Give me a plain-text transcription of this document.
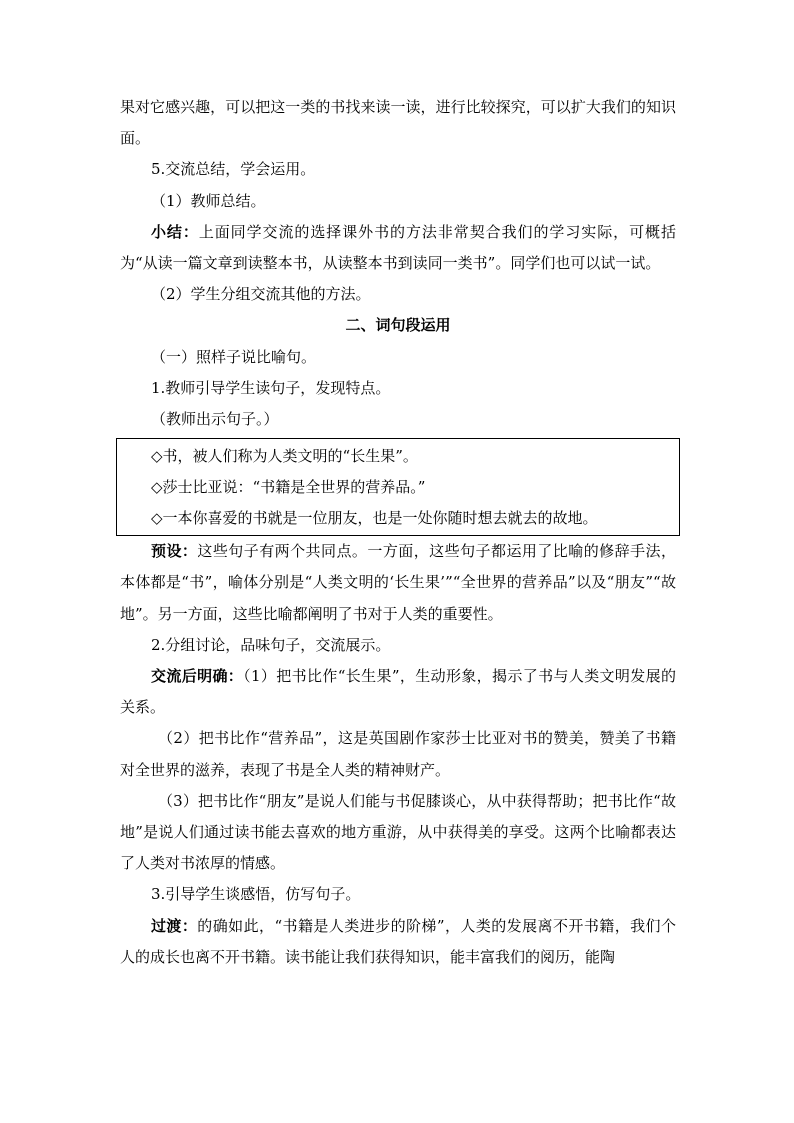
果对它感兴趣，可以把这一类的书找来读一读，进行比较探究，可以扩大我们的知识面。

5.交流总结，学会运用。

（1）教师总结。

小结：上面同学交流的选择课外书的方法非常契合我们的学习实际，可概括为“从读一篇文章到读整本书，从读整本书到读同一类书”。同学们也可以试一试。

（2）学生分组交流其他的方法。

二、词句段运用

（一）照样子说比喻句。

1.教师引导学生读句子，发现特点。

（教师出示句子。）

◇书，被人们称为人类文明的“长生果”。

◇莎士比亚说：“书籍是全世界的营养品。”

◇一本你喜爱的书就是一位朋友，也是一处你随时想去就去的故地。

预设：这些句子有两个共同点。一方面，这些句子都运用了比喻的修辞手法，本体都是“书”，喻体分别是“人类文明的‘长生果’”“全世界的营养品”以及“朋友”“故地”。另一方面，这些比喻都阐明了书对于人类的重要性。

2.分组讨论，品味句子，交流展示。

交流后明确：（1）把书比作“长生果”，生动形象，揭示了书与人类文明发展的关系。

（2）把书比作“营养品”，这是英国剧作家莎士比亚对书的赞美，赞美了书籍对全世界的滋养，表现了书是全人类的精神财产。

（3）把书比作“朋友”是说人们能与书促膝谈心，从中获得帮助；把书比作“故地”是说人们通过读书能去喜欢的地方重游，从中获得美的享受。这两个比喻都表达了人类对书浓厚的情感。

3.引导学生谈感悟，仿写句子。

过渡：的确如此，“书籍是人类进步的阶梯”，人类的发展离不开书籍，我们个人的成长也离不开书籍。读书能让我们获得知识，能丰富我们的阅历，能陶
